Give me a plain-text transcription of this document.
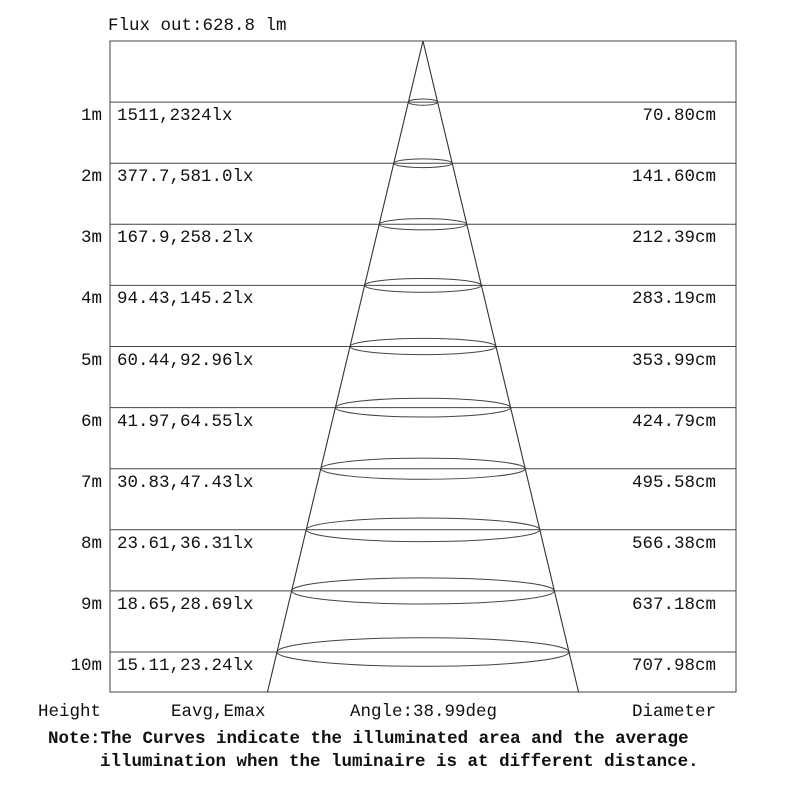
Flux out:628.8 lm
1m 1511,2324lx	70.80cm
2m 377.7,581.0lx	141.60cm
3m 167.9,258.2lx	212.39cm
4m 94.43,145.2lx	283.19cm
5m 60.44,92.96lx	353.99cm
6m 41.97,64.55lx	424.79cm
7m 30.83,47.43lx	495.58cm
8m 23.61,36.31lx	566.38cm
9m 18.65,28.69lx	637.18cm
10m 15.11,23.24lx	707.98cm
Height	Eavg,Emax	Angle:38.99deg	Diameter
Note:The Curves indicate the illuminated area and the average
illumination when the luminaire is at different distance.
